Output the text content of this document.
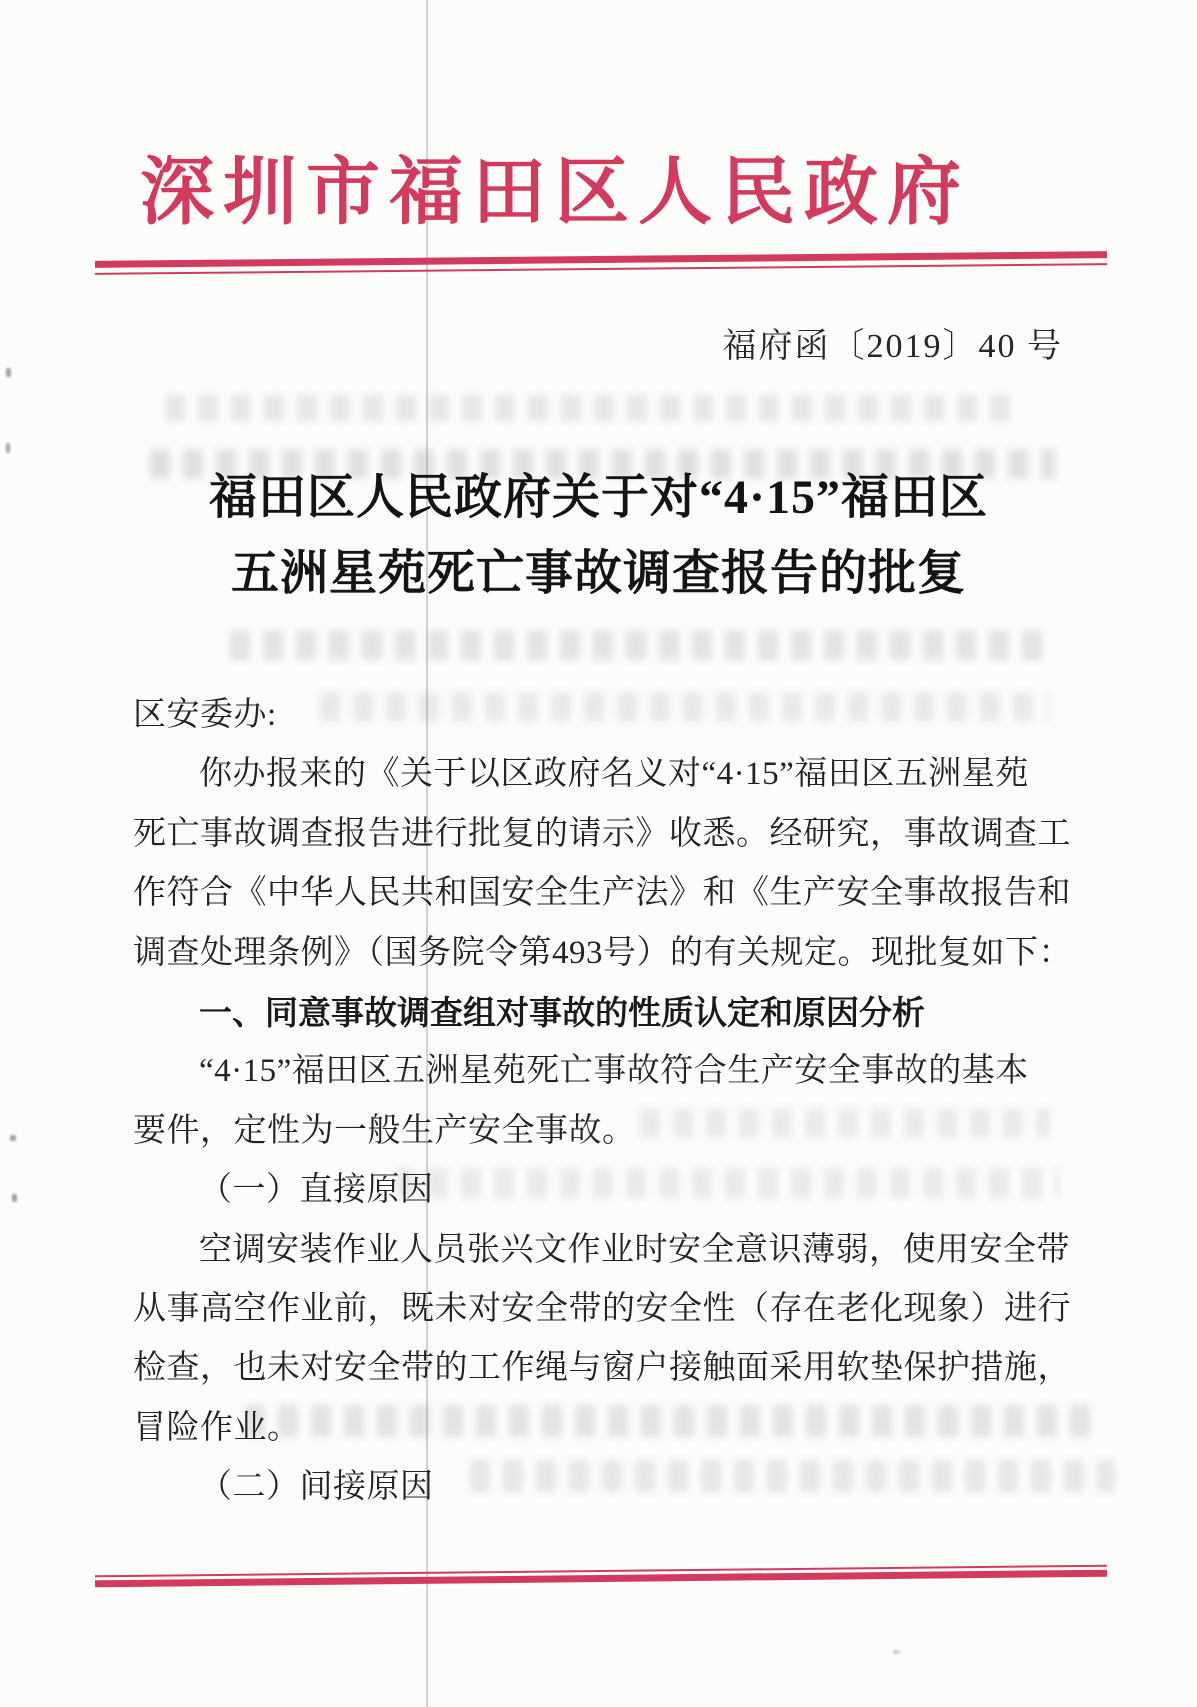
深圳市福田区人民政府
福府函〔2019〕40 号
福田区人民政府关于对“4·15”福田区
五洲星苑死亡事故调查报告的批复
区安委办:
你办报来的《关于以区政府名义对“4·15”福田区五洲星苑
死亡事故调查报告进行批复的请示》收悉。经研究，事故调查工
作符合《中华人民共和国安全生产法》和《生产安全事故报告和
调查处理条例》（国务院令第493号）的有关规定。现批复如下：
一、同意事故调查组对事故的性质认定和原因分析
“4·15”福田区五洲星苑死亡事故符合生产安全事故的基本
要件，定性为一般生产安全事故。
（一）直接原因
空调安装作业人员张兴文作业时安全意识薄弱，使用安全带
从事高空作业前，既未对安全带的安全性（存在老化现象）进行
检查，也未对安全带的工作绳与窗户接触面采用软垫保护措施，
冒险作业。
（二）间接原因
